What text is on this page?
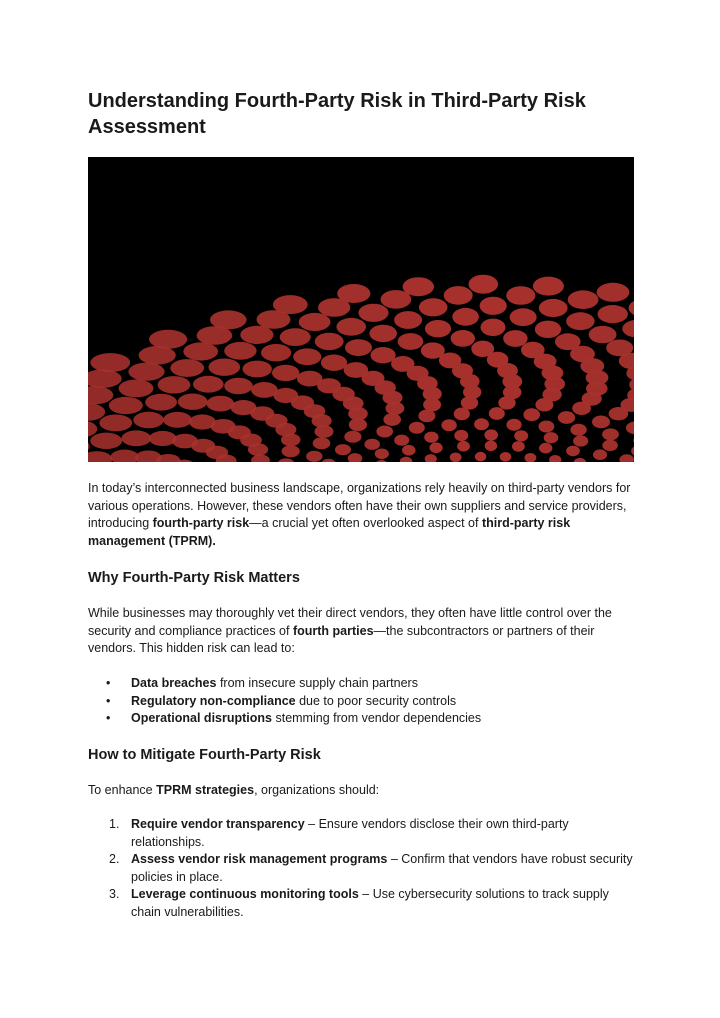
Understanding Fourth-Party Risk in Third-Party Risk Assessment

In today’s interconnected business landscape, organizations rely heavily on third-party vendors for various operations. However, these vendors often have their own suppliers and service providers, introducing fourth-party risk—a crucial yet often overlooked aspect of third-party risk management (TPRM).

Why Fourth-Party Risk Matters

While businesses may thoroughly vet their direct vendors, they often have little control over the security and compliance practices of fourth parties—the subcontractors or partners of their vendors. This hidden risk can lead to:

• Data breaches from insecure supply chain partners
• Regulatory non-compliance due to poor security controls
• Operational disruptions stemming from vendor dependencies
How to Mitigate Fourth-Party Risk

To enhance TPRM strategies, organizations should:

1. Require vendor transparency – Ensure vendors disclose their own third-party relationships.
2. Assess vendor risk management programs – Confirm that vendors have robust security policies in place.
3. Leverage continuous monitoring tools – Use cybersecurity solutions to track supply chain vulnerabilities.
